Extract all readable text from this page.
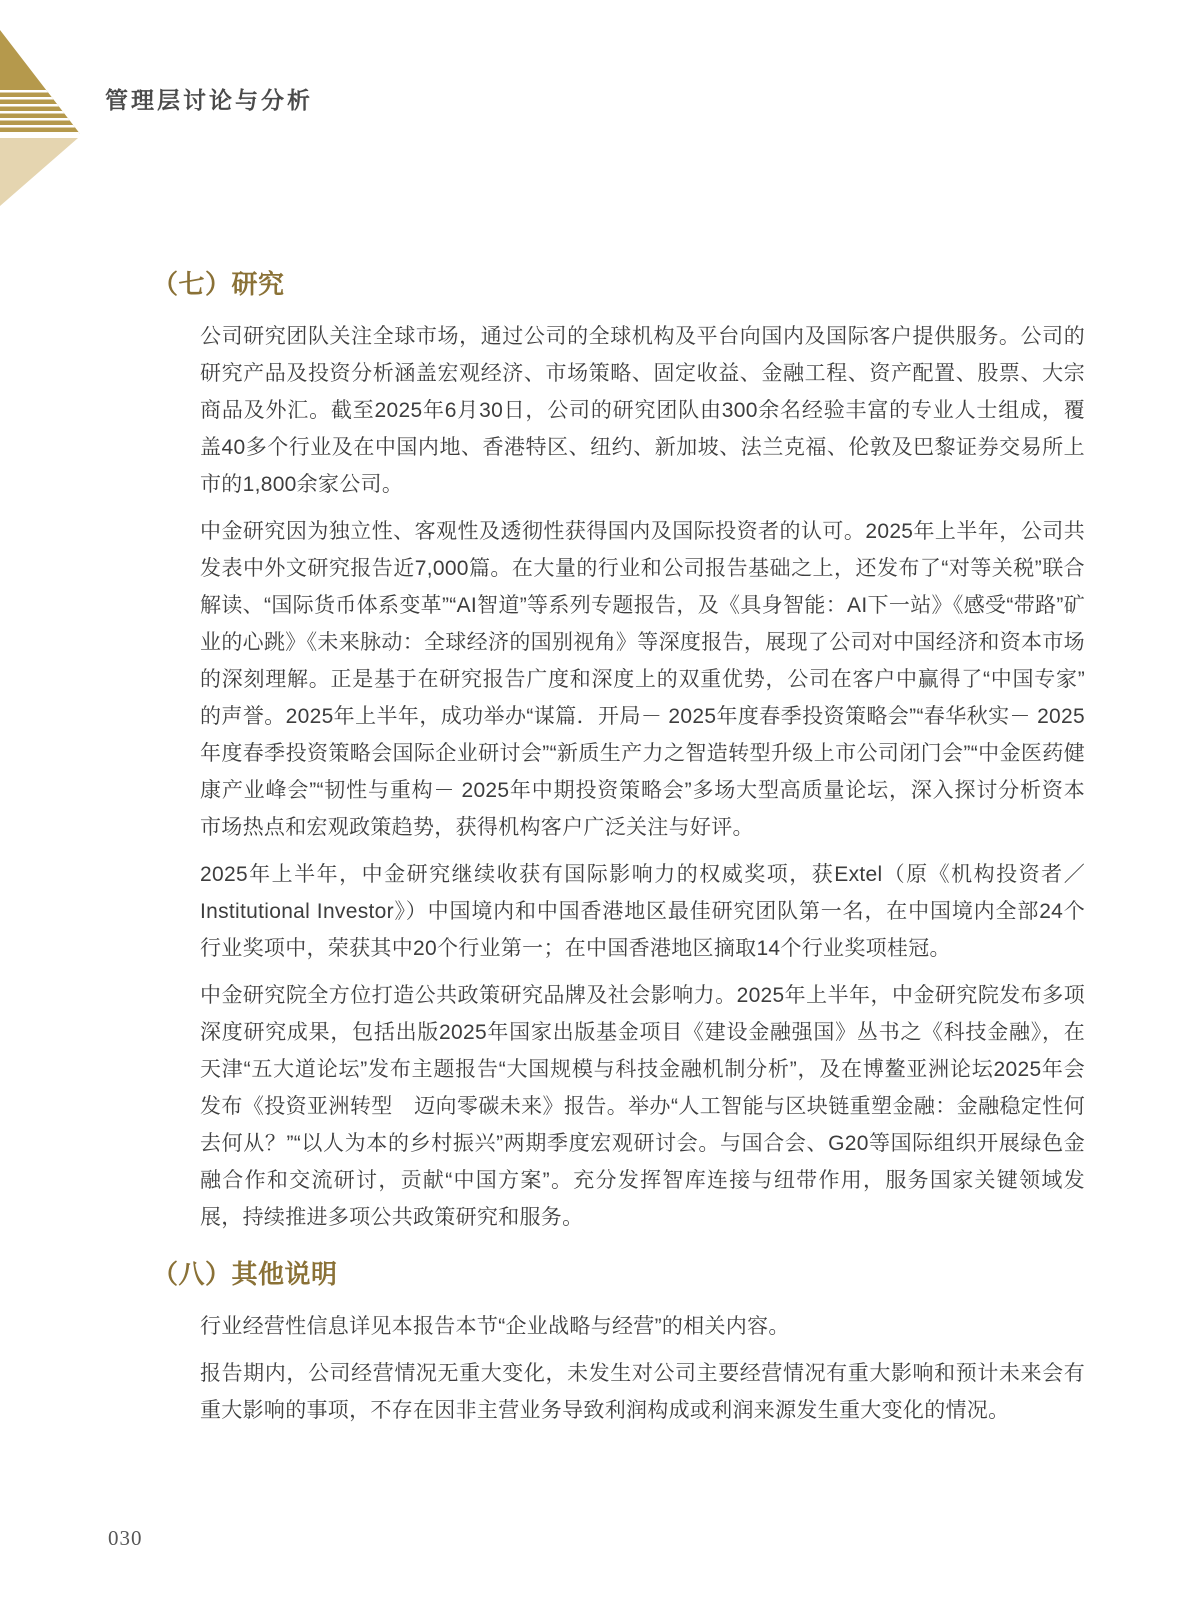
管理层讨论与分析
（七）研究

公司研究团队关注全球市场，通过公司的全球机构及平台向国内及国际客户提供服务。公司的研究产品及投资分析涵盖宏观经济、市场策略、固定收益、金融工程、资产配置、股票、大宗商品及外汇。截至2025年6月30日，公司的研究团队由300余名经验丰富的专业人士组成，覆盖40多个行业及在中国内地、香港特区、纽约、新加坡、法兰克福、伦敦及巴黎证券交易所上市的1,800余家公司。

中金研究因为独立性、客观性及透彻性获得国内及国际投资者的认可。2025年上半年，公司共发表中外文研究报告近7,000篇。在大量的行业和公司报告基础之上，还发布了“对等关税”联合解读、“国际货币体系变革”“AI智道”等系列专题报告，及《具身智能：AI下一站》《感受“带路”矿业的心跳》《未来脉动：全球经济的国别视角》等深度报告，展现了公司对中国经济和资本市场的深刻理解。正是基于在研究报告广度和深度上的双重优势，公司在客户中赢得了“中国专家”的声誉。2025年上半年，成功举办“谋篇．开局－ 2025年度春季投资策略会”“春华秋实－ 2025年度春季投资策略会国际企业研讨会”“新质生产力之智造转型升级上市公司闭门会”“中金医药健康产业峰会”“韧性与重构－ 2025年中期投资策略会”多场大型高质量论坛，深入探讨分析资本市场热点和宏观政策趋势，获得机构客户广泛关注与好评。

2025年上半年，中金研究继续收获有国际影响力的权威奖项，获Extel（原《机构投资者／Institutional Investor》）中国境内和中国香港地区最佳研究团队第一名，在中国境内全部24个行业奖项中，荣获其中20个行业第一；在中国香港地区摘取14个行业奖项桂冠。

中金研究院全方位打造公共政策研究品牌及社会影响力。2025年上半年，中金研究院发布多项深度研究成果，包括出版2025年国家出版基金项目《建设金融强国》丛书之《科技金融》，在天津“五大道论坛”发布主题报告“大国规模与科技金融机制分析”，及在博鳌亚洲论坛2025年会发布《投资亚洲转型　迈向零碳未来》报告。举办“人工智能与区块链重塑金融：金融稳定性何去何从？”“以人为本的乡村振兴”两期季度宏观研讨会。与国合会、G20等国际组织开展绿色金融合作和交流研讨，贡献“中国方案”。充分发挥智库连接与纽带作用，服务国家关键领域发展，持续推进多项公共政策研究和服务。

（八）其他说明

行业经营性信息详见本报告本节“企业战略与经营”的相关内容。

报告期内，公司经营情况无重大变化，未发生对公司主要经营情况有重大影响和预计未来会有重大影响的事项，不存在因非主营业务导致利润构成或利润来源发生重大变化的情况。

030
